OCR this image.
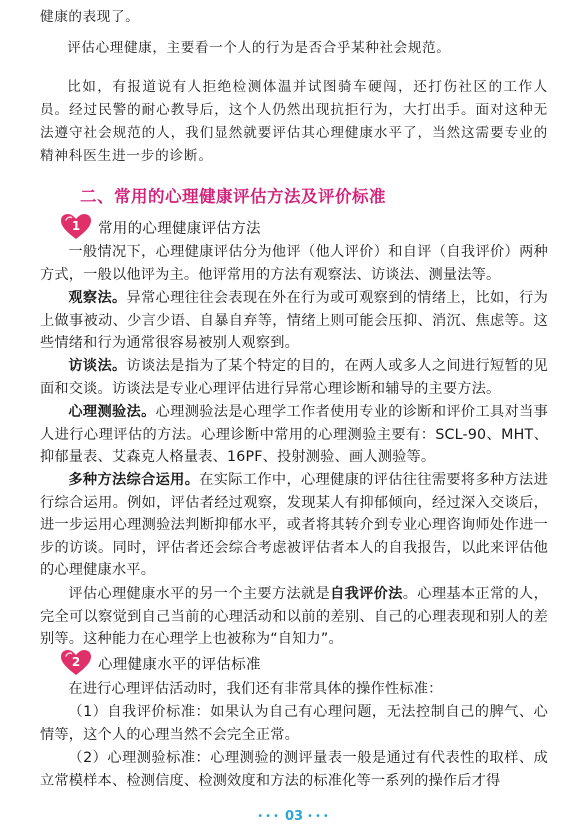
健康的表现了。

评估心理健康，主要看一个人的行为是否合乎某种社会规范。

比如，有报道说有人拒绝检测体温并试图骑车硬闯，还打伤社区的工作人员。经过民警的耐心教导后，这个人仍然出现抗拒行为，大打出手。面对这种无法遵守社会规范的人，我们显然就要评估其心理健康水平了，当然这需要专业的精神科医生进一步的诊断。

二、常用的心理健康评估方法及评价标准
1 常用的心理健康评估方法

一般情况下，心理健康评估分为他评（他人评价）和自评（自我评价）两种方式，一般以他评为主。他评常用的方法有观察法、访谈法、测量法等。

观察法。异常心理往往会表现在外在行为或可观察到的情绪上，比如，行为上做事被动、少言少语、自暴自弃等，情绪上则可能会压抑、消沉、焦虑等。这些情绪和行为通常很容易被别人观察到。

访谈法。访谈法是指为了某个特定的目的，在两人或多人之间进行短暂的见面和交谈。访谈法是专业心理评估进行异常心理诊断和辅导的主要方法。

心理测验法。心理测验法是心理学工作者使用专业的诊断和评价工具对当事人进行心理评估的方法。心理诊断中常用的心理测验主要有：SCL-90、MHT、抑郁量表、艾森克人格量表、16PF、投射测验、画人测验等。

多种方法综合运用。在实际工作中，心理健康的评估往往需要将多种方法进行综合运用。例如，评估者经过观察，发现某人有抑郁倾向，经过深入交谈后，进一步运用心理测验法判断抑郁水平，或者将其转介到专业心理咨询师处作进一步的访谈。同时，评估者还会综合考虑被评估者本人的自我报告，以此来评估他的心理健康水平。

评估心理健康水平的另一个主要方法就是自我评价法。心理基本正常的人，完全可以察觉到自己当前的心理活动和以前的差别、自己的心理表现和别人的差别等。这种能力在心理学上也被称为“自知力”。

2 心理健康水平的评估标准

在进行心理评估活动时，我们还有非常具体的操作性标准：

（1）自我评价标准：如果认为自己有心理问题，无法控制自己的脾气、心情等，这个人的心理当然不会完全正常。

（2）心理测验标准：心理测验的测评量表一般是通过有代表性的取样、成立常模样本、检测信度、检测效度和方法的标准化等一系列的操作后才得

••• 03 •••
